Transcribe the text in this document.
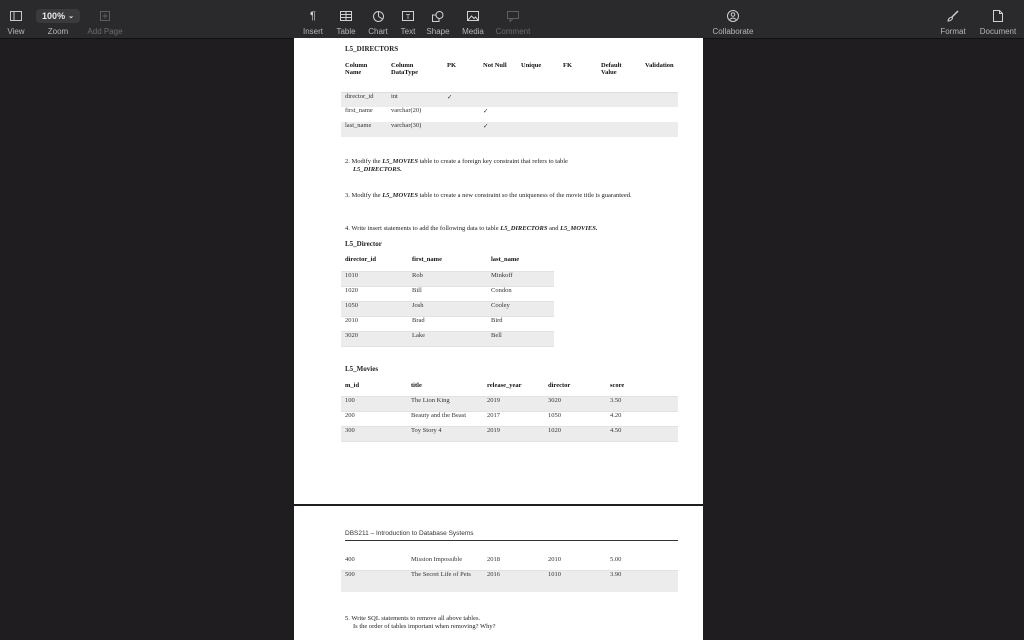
View
100% ⌄
Zoom Add Page
¶
Insert Table Chart
T
Text Shape Media Comment	Collaborate	Format Document
L5_DIRECTORS
Column Name	Column DataType	PK	Not Null	Unique	FK	Default Value	Validation
director_id	int	✓					
first_name	varchar(20)		✓				
last_name	varchar(30)		✓				
2. Modify the L5_MOVIES table to create a foreign key constraint that refers to table
L5_DIRECTORS.
3. Modify the L5_MOVIES table to create a new constraint so the uniqueness of the movie title is guaranteed.
4. Write insert statements to add the following data to table L5_DIRECTORS and L5_MOVIES.
L5_Director
director_id	first_name	last_name
1010	Rob	Minkoff
1020	Bill	Condon
1050	Josh	Cooley
2010	Brad	Bird
3020	Lake	Bell
L5_Movies
m_id	title	release_year	director	score
100	The Lion King	2019	3020	3.50
200	Beauty and the Beast	2017	1050	4.20
300	Toy Story 4	2019	1020	4.50
DBS211 – Introduction to Database Systems
400	Mission Impossible	2018	2010	5.00
500	The Secret Life of Pets	2016	1010	3.90
5. Write SQL statements to remove all above tables.
Is the order of tables important when removing? Why?
